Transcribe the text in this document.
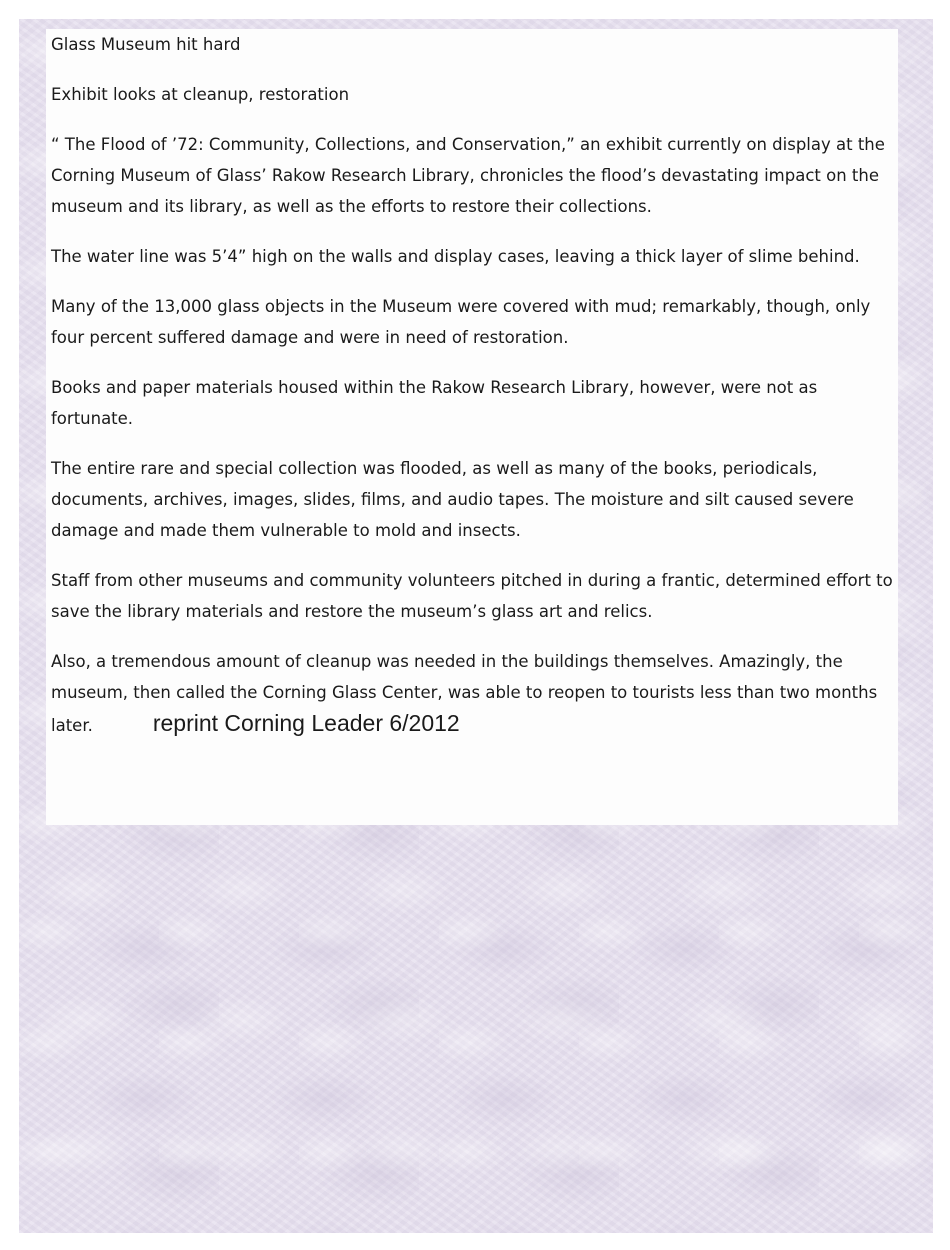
Glass Museum hit hard

Exhibit looks at cleanup, restoration

“ The Flood of ’72: Community, Collections, and Conservation,” an exhibit currently on display at the Corning Museum of Glass’ Rakow Research Library, chronicles the flood’s devastating impact on the museum and its library, as well as the efforts to restore their collections.

The water line was 5’4” high on the walls and display cases, leaving a thick layer of slime behind.

Many of the 13,000 glass objects in the Museum were covered with mud; remarkably, though, only four percent suffered damage and were in need of restoration.

Books and paper materials housed within the Rakow Research Library, however, were not as fortunate.

The entire rare and special collection was flooded, as well as many of the books, periodicals, documents, archives, images, slides, films, and audio tapes. The moisture and silt caused severe damage and made them vulnerable to mold and insects.

Staff from other museums and community volunteers pitched in during a frantic, determined effort to save the library materials and restore the museum’s glass art and relics.

Also, a tremendous amount of cleanup was needed in the buildings themselves. Amazingly, the museum, then called the Corning Glass Center, was able to reopen to tourists less than two months later.	reprint Corning Leader 6/2012
